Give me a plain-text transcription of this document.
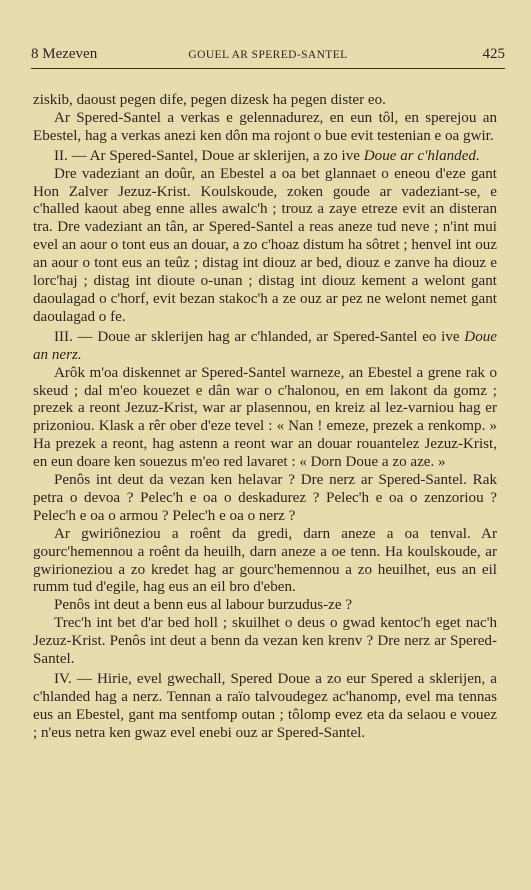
8 Mezeven	GOUEL AR SPERED-SANTEL	425
ziskib, daoust pegen dife, pegen dizesk ha pegen dister eo.
Ar Spered-Santel a verkas e gelennadurez, en eun tôl, en sperejou an Ebestel, hag a verkas anezi ken dôn ma rojont o bue evit testenian e oa gwir.
II. — Ar Spered-Santel, Doue ar sklerijen, a zo ive Doue ar c'hlanded.
Dre vadeziant an doûr, an Ebestel a oa bet glannaet o eneou d'eze gant Hon Zalver Jezuz-Krist. Koulskoude, zoken goude ar vadeziant-se, e c'halled kaout abeg enne alles awalc'h ; trouz a zaye etreze evit an disteran tra. Dre vadeziant an tân, ar Spered-Santel a reas aneze tud neve ; n'int mui evel an aour o tont eus an douar, a zo c'hoaz distum ha sôtret ; henvel int ouz an aour o tont eus an teûz ; distag int diouz ar bed, diouz e zanve ha diouz e lorc'haj ; distag int dioute o-unan ; distag int diouz kement a welont gant daoulagad o c'horf, evit bezan stakoc'h a ze ouz ar pez ne welont nemet gant daoulagad o fe.
III. — Doue ar sklerijen hag ar c'hlanded, ar Spered-Santel eo ive Doue an nerz.
Arôk m'oa diskennet ar Spered-Santel warneze, an Ebestel a grene rak o skeud ; dal m'eo kouezet e dân war o c'halonou, en em lakont da gomz ; prezek a reont Jezuz-Krist, war ar plasennou, en kreiz al lez-varniou hag er prizoniou. Klask a rêr ober d'eze tevel : « Nan ! emeze, prezek a renkomp. » Ha prezek a reont, hag astenn a reont war an douar rouantelez Jezuz-Krist, en eun doare ken souezus m'eo red lavaret : « Dorn Doue a zo aze. »
Penôs int deut da vezan ken helavar ? Dre nerz ar Spered-Santel. Rak petra o devoa ? Pelec'h e oa o deskadurez ? Pelec'h e oa o zenzoriou ? Pelec'h e oa o armou ? Pelec'h e oa o nerz ?
Ar gwiriôneziou a roênt da gredi, darn aneze a oa tenval. Ar gourc'hemennou a roênt da heuilh, darn aneze a oe tenn. Ha koulskoude, ar gwirioneziou a zo kredet hag ar gourc'hemennou a zo heuilhet, eus an eil rumm tud d'egile, hag eus an eil bro d'eben.
Penôs int deut a benn eus al labour burzudus-ze ?
Trec'h int bet d'ar bed holl ; skuilhet o deus o gwad kentoc'h eget nac'h Jezuz-Krist. Penôs int deut a benn da vezan ken krenv ? Dre nerz ar Spered-Santel.
IV. — Hirie, evel gwechall, Spered Doue a zo eur Spered a sklerijen, a c'hlanded hag a nerz. Tennan a raïo talvoudegez ac'hanomp, evel ma tennas eus an Ebestel, gant ma sentfomp outan ; tôlomp evez eta da selaou e vouez ; n'eus netra ken gwaz evel enebi ouz ar Spered-Santel.
